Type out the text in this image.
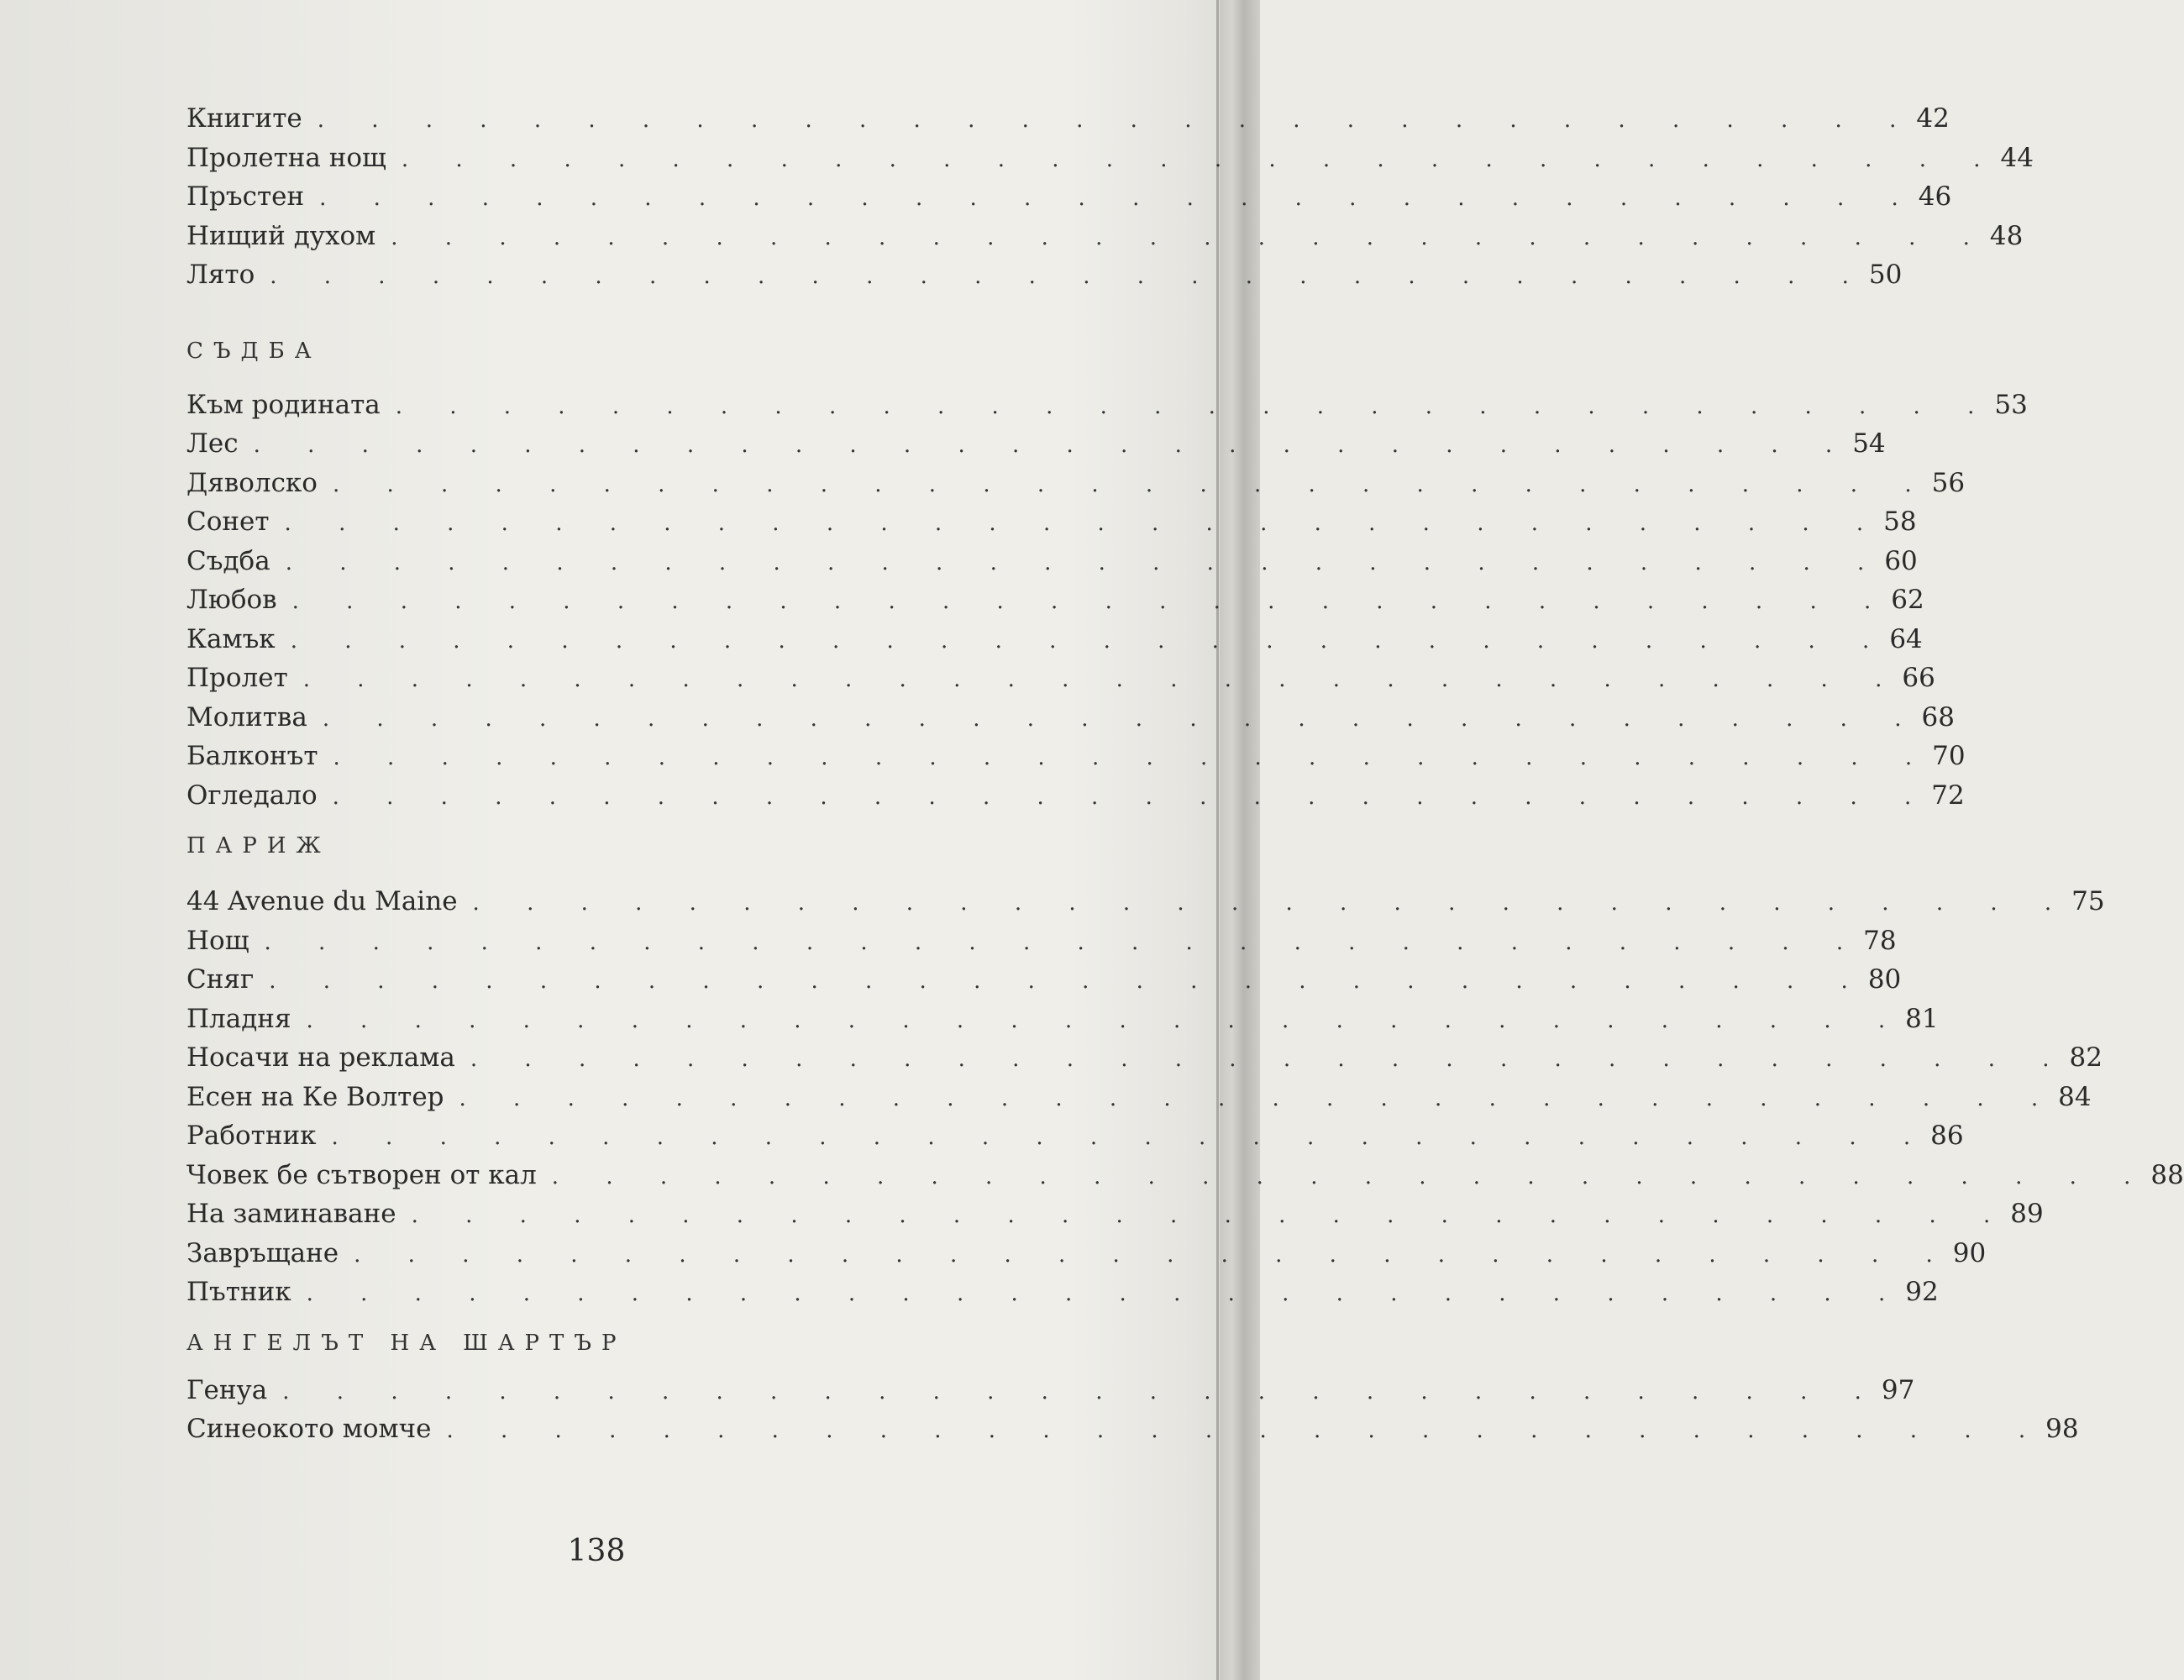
Книгите . . . . . . . . . . . . . . . . . . . . . . . . . . . . . . 42
Пролетна нощ . . . . . . . . . . . . . . . . . . . . . . . . . . . . . . 44
Пръстен . . . . . . . . . . . . . . . . . . . . . . . . . . . . . . 46
Нищий духом . . . . . . . . . . . . . . . . . . . . . . . . . . . . . . 48
Лято . . . . . . . . . . . . . . . . . . . . . . . . . . . . . . 50
СЪДБА
Към родината . . . . . . . . . . . . . . . . . . . . . . . . . . . . . . 53
Лес . . . . . . . . . . . . . . . . . . . . . . . . . . . . . . 54
Дяволско . . . . . . . . . . . . . . . . . . . . . . . . . . . . . . 56
Сонет . . . . . . . . . . . . . . . . . . . . . . . . . . . . . . 58
Съдба . . . . . . . . . . . . . . . . . . . . . . . . . . . . . . 60
Любов . . . . . . . . . . . . . . . . . . . . . . . . . . . . . . 62
Камък . . . . . . . . . . . . . . . . . . . . . . . . . . . . . . 64
Пролет . . . . . . . . . . . . . . . . . . . . . . . . . . . . . . 66
Молитва . . . . . . . . . . . . . . . . . . . . . . . . . . . . . . 68
Балконът . . . . . . . . . . . . . . . . . . . . . . . . . . . . . . 70
Огледало . . . . . . . . . . . . . . . . . . . . . . . . . . . . . . 72
ПАРИЖ
44 Avenue du Maine . . . . . . . . . . . . . . . . . . . . . . . . . . . . . . 75
Нощ . . . . . . . . . . . . . . . . . . . . . . . . . . . . . . 78
Сняг . . . . . . . . . . . . . . . . . . . . . . . . . . . . . . 80
Пладня . . . . . . . . . . . . . . . . . . . . . . . . . . . . . . 81
Носачи на реклама . . . . . . . . . . . . . . . . . . . . . . . . . . . . . . 82
Есен на Ке Волтер . . . . . . . . . . . . . . . . . . . . . . . . . . . . . . 84
Работник . . . . . . . . . . . . . . . . . . . . . . . . . . . . . . 86
Човек бе сътворен от кал . . . . . . . . . . . . . . . . . . . . . . . . . . . . . . 88
На заминаване . . . . . . . . . . . . . . . . . . . . . . . . . . . . . . 89
Завръщане . . . . . . . . . . . . . . . . . . . . . . . . . . . . . . 90
Пътник . . . . . . . . . . . . . . . . . . . . . . . . . . . . . . 92
АНГЕЛЪТ НА ШАРТЪР
Генуа . . . . . . . . . . . . . . . . . . . . . . . . . . . . . . 97
Синеокото момче . . . . . . . . . . . . . . . . . . . . . . . . . . . . . . 98
138
